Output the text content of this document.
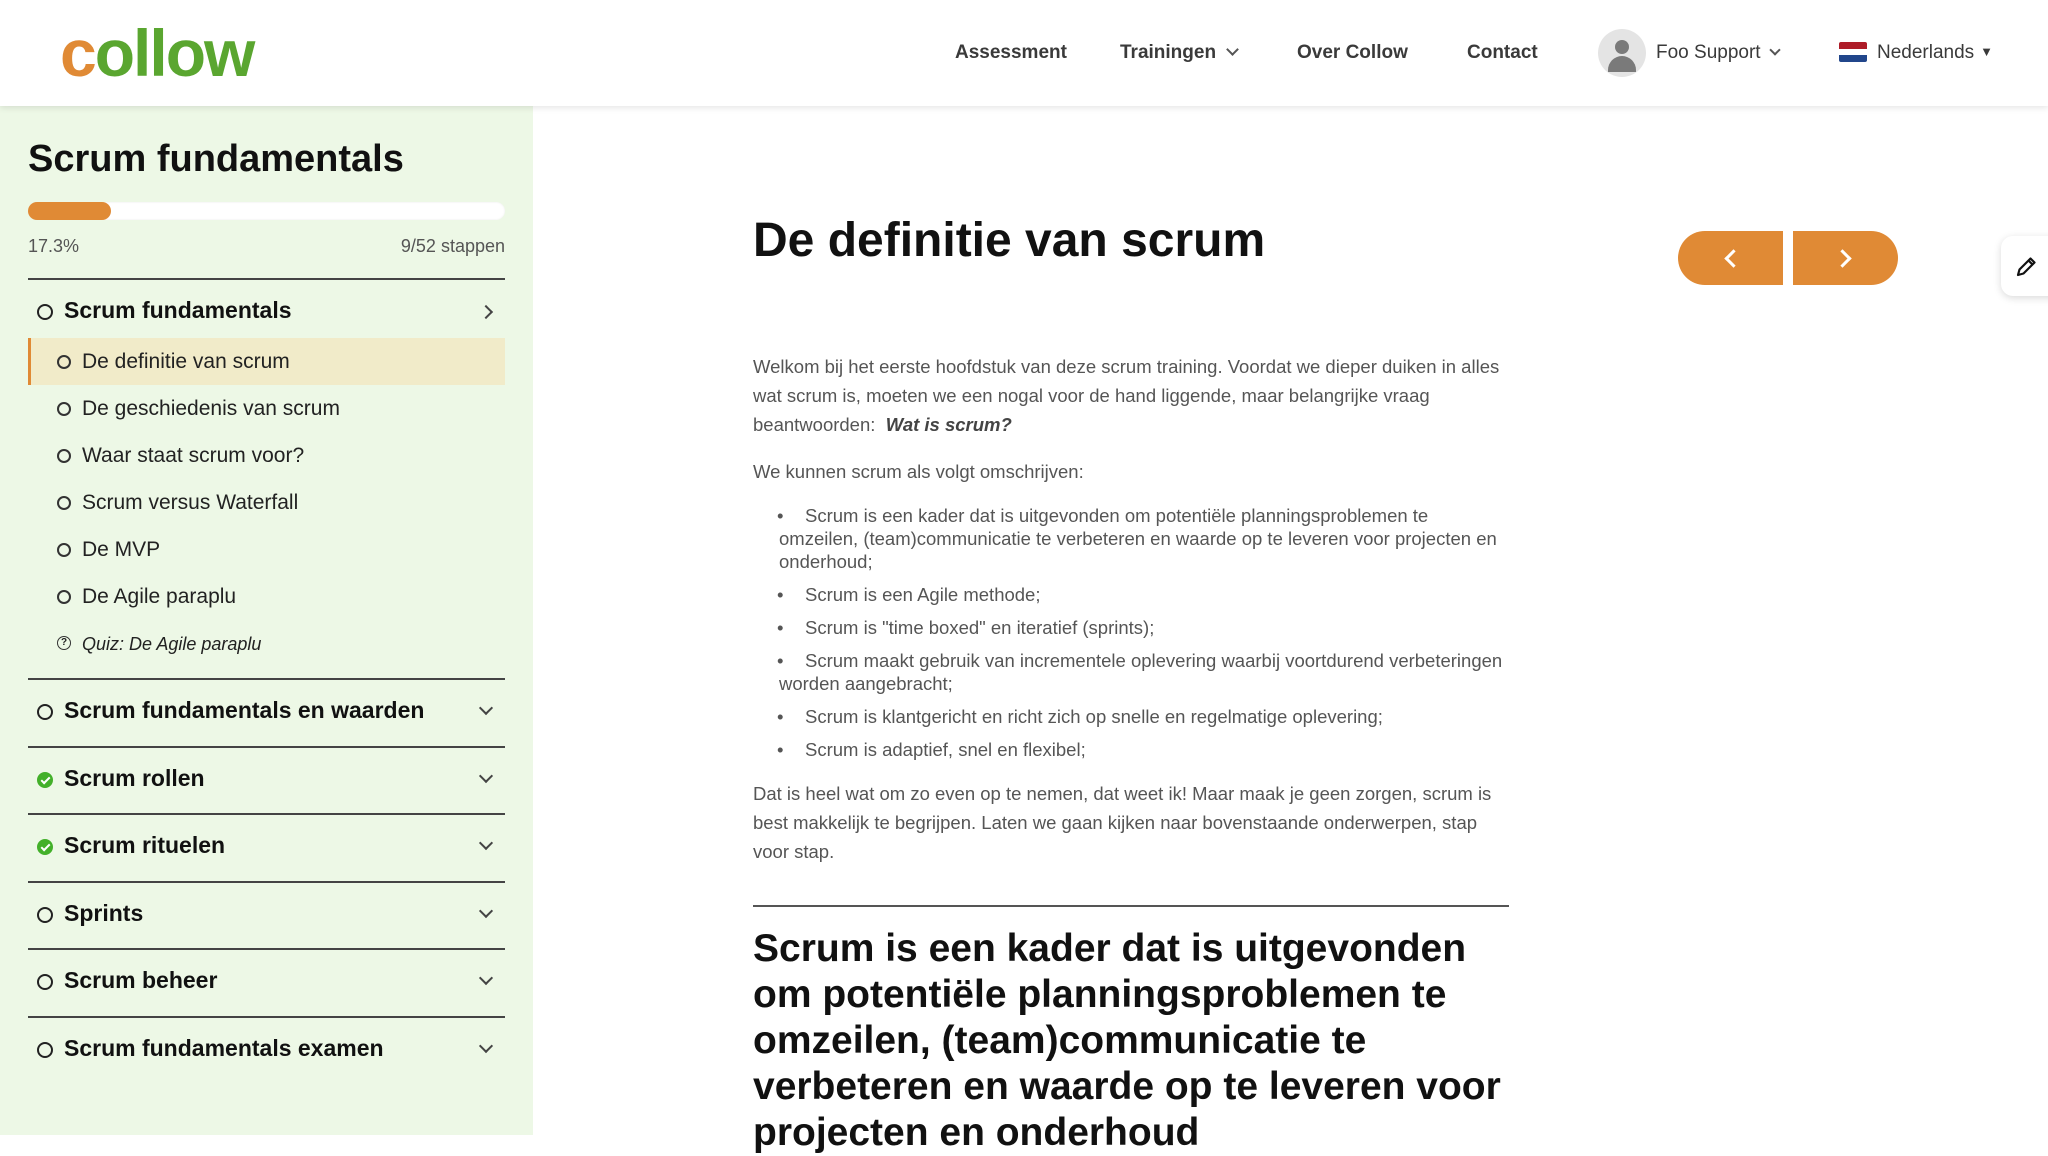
collow	Assessment	Trainingen	Over Collow	Contact	Foo Support	Nederlands ▼
Scrum fundamentals
17.3%	9/52 stappen
Scrum fundamentals
De definitie van scrum
De geschiedenis van scrum
Waar staat scrum voor?
Scrum versus Waterfall
De MVP
De Agile paraplu
? Quiz: De Agile paraplu
Scrum fundamentals en waarden
Scrum rollen
Scrum rituelen
Sprints
Scrum beheer
Scrum fundamentals examen
De definitie van scrum

Welkom bij het eerste hoofdstuk van deze scrum training. Voordat we dieper duiken in alles wat scrum is, moeten we een nogal voor de hand liggende, maar belangrijke vraag beantwoorden: Wat is scrum?

We kunnen scrum als volgt omschrijven:

• Scrum is een kader dat is uitgevonden om potentiële planningsproblemen te omzeilen, (team)communicatie te verbeteren en waarde op te leveren voor projecten en onderhoud;
• Scrum is een Agile methode;
• Scrum is "time boxed" en iteratief (sprints);
• Scrum maakt gebruik van incrementele oplevering waarbij voortdurend verbeteringen worden aangebracht;
• Scrum is klantgericht en richt zich op snelle en regelmatige oplevering;
• Scrum is adaptief, snel en flexibel;

Dat is heel wat om zo even op te nemen, dat weet ik! Maar maak je geen zorgen, scrum is best makkelijk te begrijpen. Laten we gaan kijken naar bovenstaande onderwerpen, stap voor stap.

Scrum is een kader dat is uitgevonden om potentiële planningsproblemen te omzeilen, (team)communicatie te verbeteren en waarde op te leveren voor projecten en onderhoud
